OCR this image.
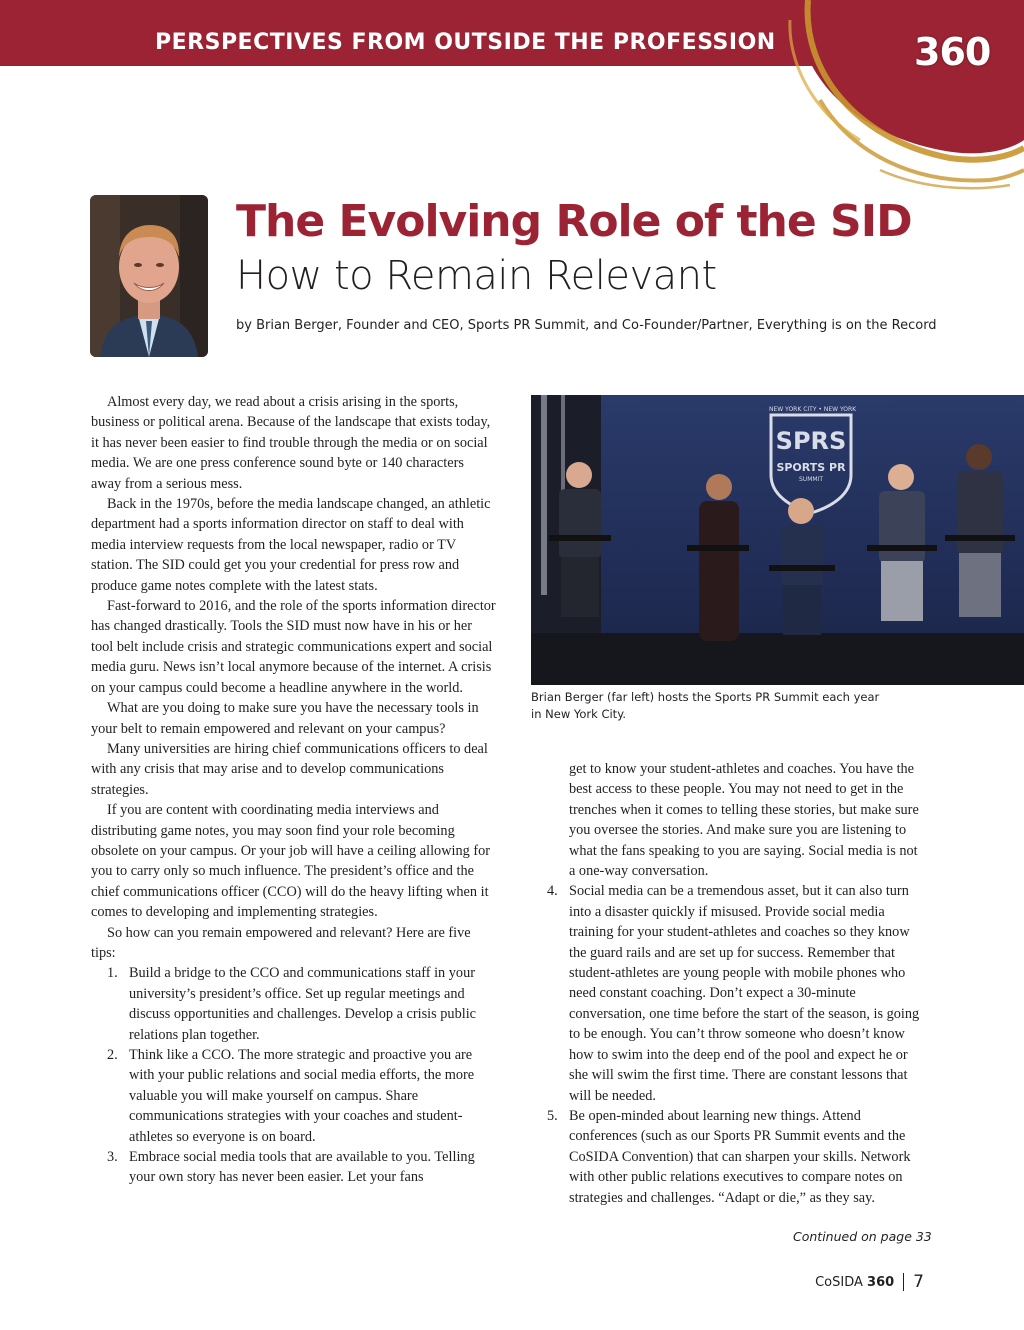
PERSPECTIVES FROM OUTSIDE THE PROFESSION	360
The Evolving Role of the SID
How to Remain Relevant
by Brian Berger, Founder and CEO, Sports PR Summit, and Co-Founder/Partner, Everything is on the Record

Almost every day, we read about a crisis arising in the sports, business or political arena. Because of the landscape that exists today, it has never been easier to find trouble through the media or on social media. We are one press conference sound byte or 140 characters away from a serious mess.

Back in the 1970s, before the media landscape changed, an athletic department had a sports information director on staff to deal with media interview requests from the local newspaper, radio or TV station. The SID could get you your credential for press row and produce game notes complete with the latest stats.

Fast-forward to 2016, and the role of the sports information director has changed drastically. Tools the SID must now have in his or her tool belt include crisis and strategic communications expert and social media guru. News isn’t local anymore because of the internet. A crisis on your campus could become a headline anywhere in the world.

What are you doing to make sure you have the necessary tools in your belt to remain empowered and relevant on your campus?

Many universities are hiring chief communications officers to deal with any crisis that may arise and to develop communications strategies.

If you are content with coordinating media interviews and distributing game notes, you may soon find your role becoming obsolete on your campus. Or your job will have a ceiling allowing for you to carry only so much influence. The president’s office and the chief communications officer (CCO) will do the heavy lifting when it comes to developing and implementing strategies.

So how can you remain empowered and relevant? Here are five tips:

1. Build a bridge to the CCO and communications staff in your university’s president’s office. Set up regular meetings and discuss opportunities and challenges. Develop a crisis public relations plan together.
2. Think like a CCO. The more strategic and proactive you are with your public relations and social media efforts, the more valuable you will make yourself on campus. Share communications strategies with your coaches and student-athletes so everyone is on board.
3. Embrace social media tools that are available to you. Telling your own story has never been easier. Let your fans
NEW YORK CITY • NEW YORK
SPRS
SPORTS PR
SUMMIT
Brian Berger (far left) hosts the Sports PR Summit each year in New York City.

get to know your student-athletes and coaches. You have the best access to these people. You may not need to get in the trenches when it comes to telling these stories, but make sure you oversee the stories. And make sure you are listening to what the fans speaking to you are saying. Social media is not a one-way conversation.

4. Social media can be a tremendous asset, but it can also turn into a disaster quickly if misused. Provide social media training for your student-athletes and coaches so they know the guard rails and are set up for success. Remember that student-athletes are young people with mobile phones who need constant coaching. Don’t expect a 30-minute conversation, one time before the start of the season, is going to be enough. You can’t throw someone who doesn’t know how to swim into the deep end of the pool and expect he or she will swim the first time. There are constant lessons that will be needed.
5. Be open-minded about learning new things. Attend conferences (such as our Sports PR Summit events and the CoSIDA Convention) that can sharpen your skills. Network with other public relations executives to compare notes on strategies and challenges. “Adapt or die,” as they say.
Continued on page 33
CoSIDA 360 7
